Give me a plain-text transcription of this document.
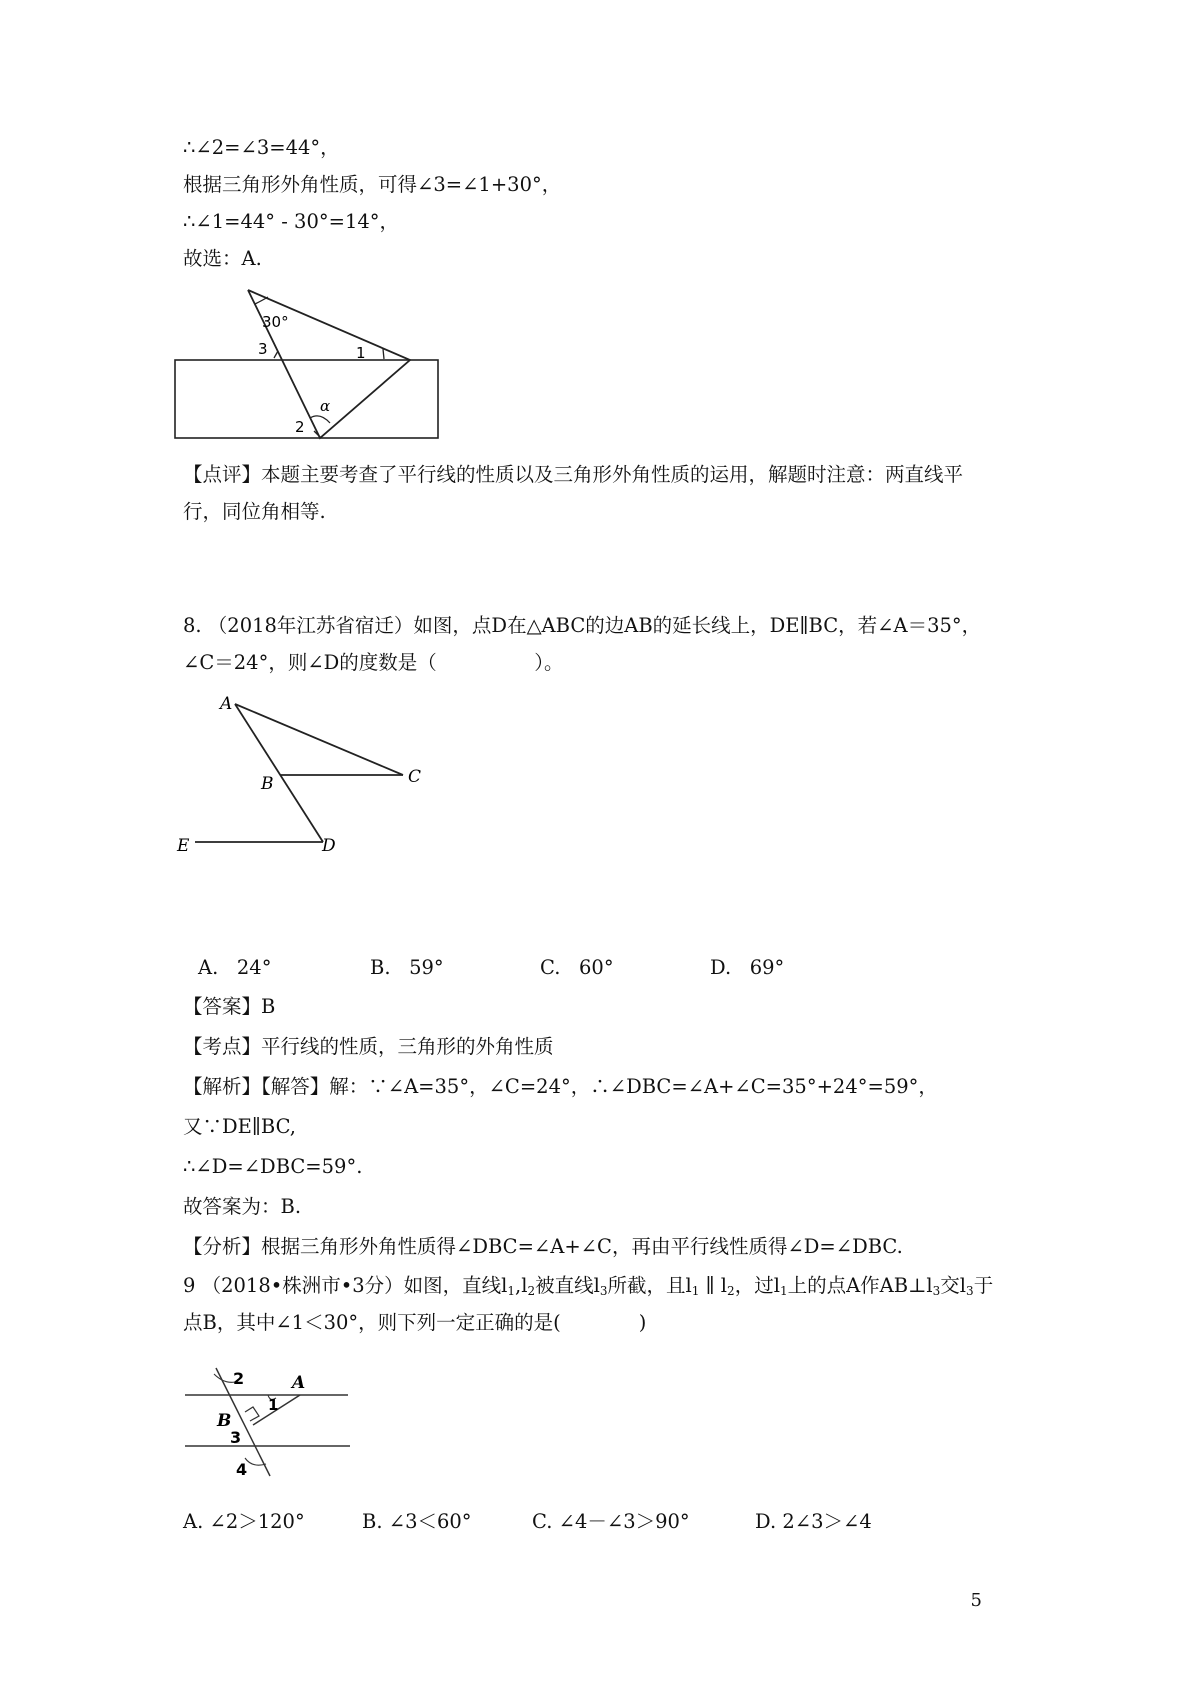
∴∠2=∠3=44°，
根据三角形外角性质，可得∠3=∠1+30°，
∴∠1=44° - 30°=14°，
故选：A.
30°
1
3
2
α
【点评】本题主要考查了平行线的性质以及三角形外角性质的运用，解题时注意：两直线平
行，同位角相等.
8. （2018年江苏省宿迁）如图，点D在△ABC的边AB的延长线上，DE∥BC，若∠A＝35°，
∠C＝24°，则∠D的度数是（　　　　　）。
A
B	C
D
E
A.   24°	B.   59°	C.   60°	D.   69°
【答案】B
【考点】平行线的性质，三角形的外角性质
【解析】【解答】解：∵∠A=35°，∠C=24°，∴∠DBC=∠A+∠C=35°+24°=59°，
又∵DE∥BC,
∴∠D=∠DBC=59°.
故答案为：B.
【分析】根据三角形外角性质得∠DBC=∠A+∠C，再由平行线性质得∠D=∠DBC.
9 （2018•株洲市•3分）如图，直线$l_1,l_2$被直线$l_3$所截，且$l_1$ ∥ $l_2$，过$l_1$上的点A作$AB\perp l_3$交$l_3$于
点B，其中∠1＜30°，则下列一定正确的是(　　　　)
2	A
1
B
3
4
A. ∠2＞120°	B. ∠3＜60°	C. ∠4－∠3＞90°	D. 2∠3＞∠4
5
